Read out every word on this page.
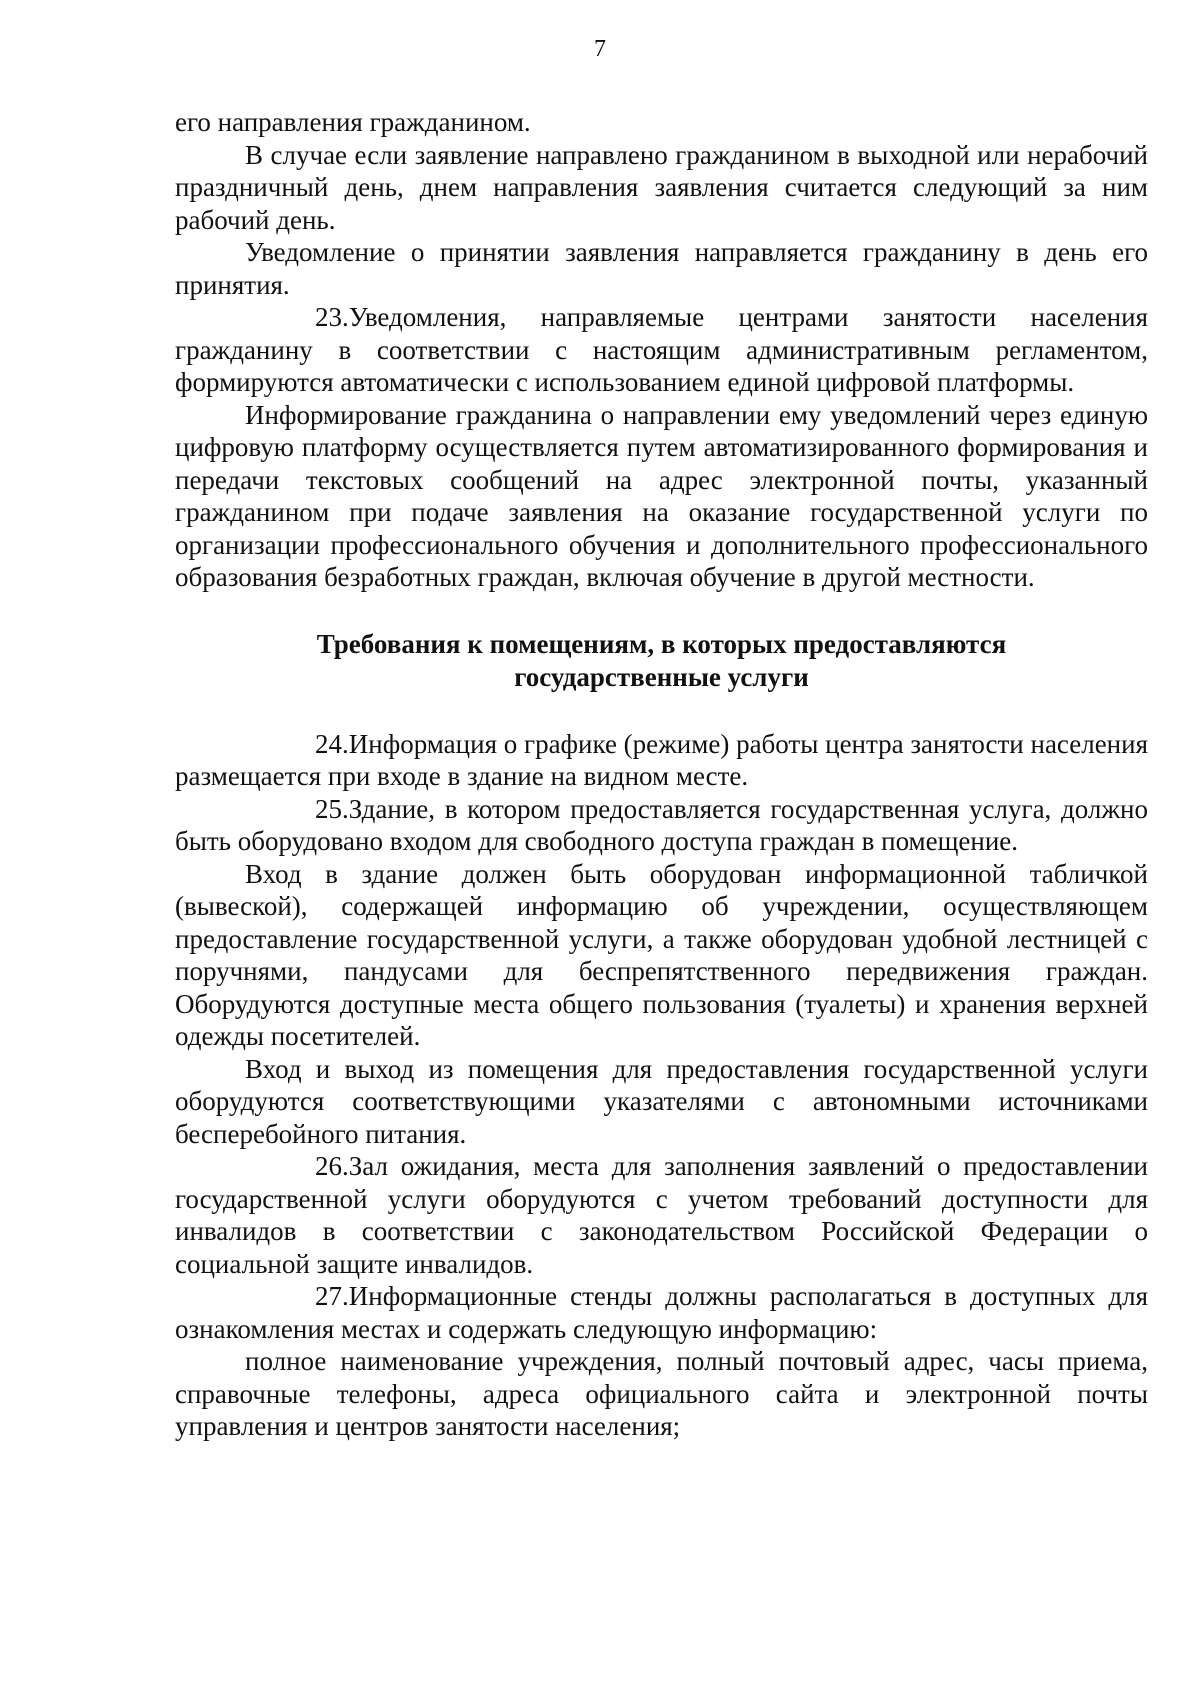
7

его направления гражданином.

В случае если заявление направлено гражданином в выходной или нерабочий праздничный день, днем направления заявления считается следующий за ним рабочий день.

Уведомление о принятии заявления направляется гражданину в день его принятия.

23.Уведомления, направляемые центрами занятости населения гражданину в соответствии с настоящим административным регламентом, формируются автоматически с использованием единой цифровой платформы.

Информирование гражданина о направлении ему уведомлений через единую цифровую платформу осуществляется путем автоматизированного формирования и передачи текстовых сообщений на адрес электронной почты, указанный гражданином при подаче заявления на оказание государственной услуги по организации профессионального обучения и дополнительного профессионального образования безработных граждан, включая обучение в другой местности.

Требования к помещениям, в которых предоставляются
государственные услуги

24.Информация о графике (режиме) работы центра занятости населения размещается при входе в здание на видном месте.

25.Здание, в котором предоставляется государственная услуга, должно быть оборудовано входом для свободного доступа граждан в помещение.

Вход в здание должен быть оборудован информационной табличкой (вывеской), содержащей информацию об учреждении, осуществляющем предоставление государственной услуги, а также оборудован удобной лестницей с поручнями, пандусами для беспрепятственного передвижения граждан. Оборудуются доступные места общего пользования (туалеты) и хранения верхней одежды посетителей.

Вход и выход из помещения для предоставления государственной услуги оборудуются соответствующими указателями с автономными источниками бесперебойного питания.

26.Зал ожидания, места для заполнения заявлений о предоставлении государственной услуги оборудуются с учетом требований доступности для инвалидов в соответствии с законодательством Российской Федерации о социальной защите инвалидов.

27.Информационные стенды должны располагаться в доступных для ознакомления местах и содержать следующую информацию:

полное наименование учреждения, полный почтовый адрес, часы приема, справочные телефоны, адреса официального сайта и электронной почты управления и центров занятости населения;
